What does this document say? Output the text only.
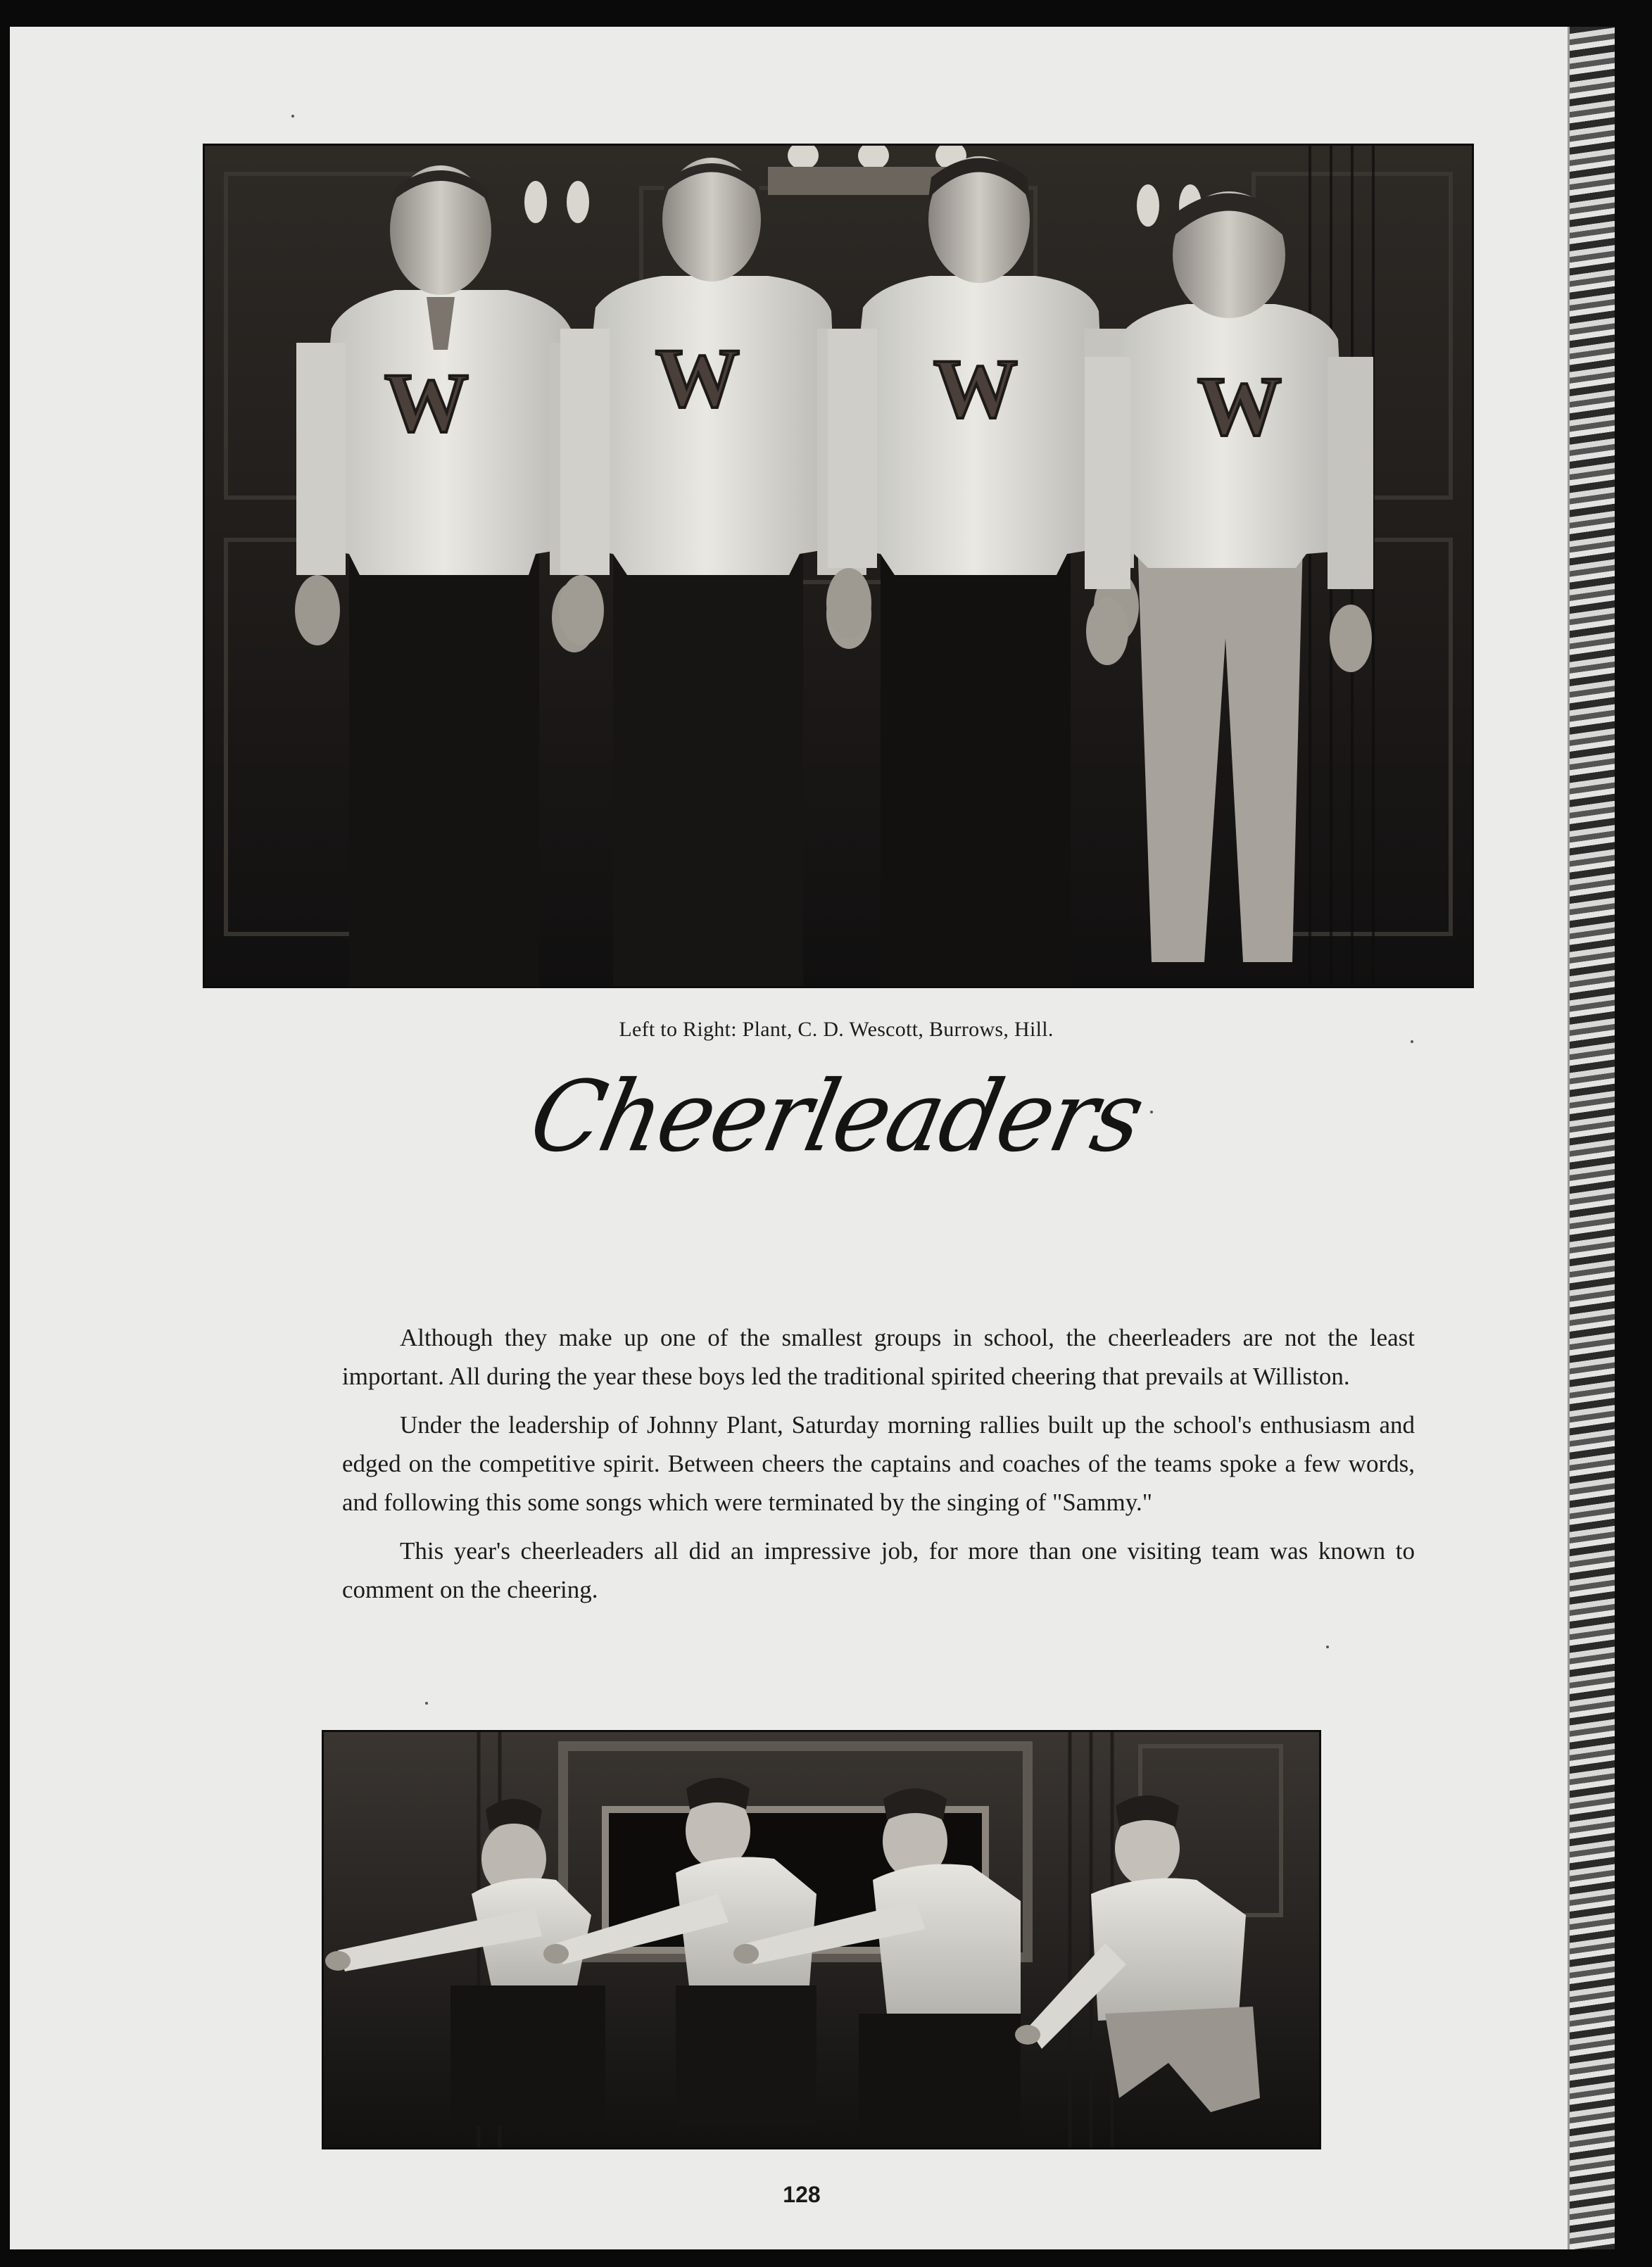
W W W W
Left to Right: Plant, C. D. Wescott, Burrows, Hill.
Cheerleaders

Although they make up one of the smallest groups in school, the cheerleaders are not the least important. All during the year these boys led the traditional spirited cheering that prevails at Williston.

Under the leadership of Johnny Plant, Saturday morning rallies built up the school's enthusiasm and edged on the competitive spirit. Between cheers the captains and coaches of the teams spoke a few words, and following this some songs which were terminated by the singing of "Sammy."

This year's cheerleaders all did an impressive job, for more than one visiting team was known to comment on the cheering.

128
